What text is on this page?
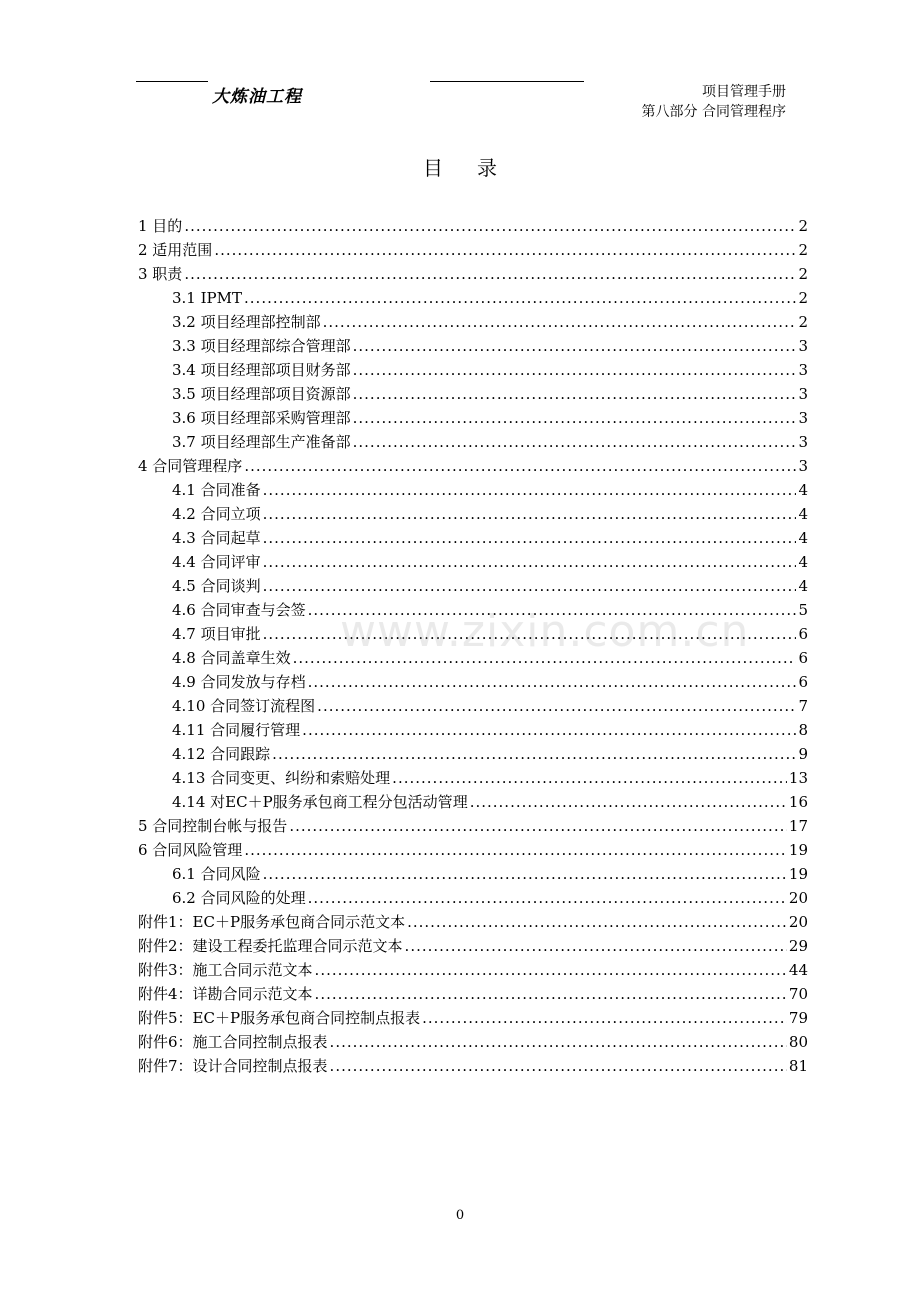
大炼油工程	项目管理手册
第八部分 合同管理程序
目录
1 目的 .....	2
2 适用范围 .....	2
3 职责 .....	2
3.1 IPMT .....	2
3.2 项目经理部控制部 .....	2
3.3 项目经理部综合管理部 .....	3
3.4 项目经理部项目财务部 .....	3
3.5 项目经理部项目资源部 .....	3
3.6 项目经理部采购管理部 .....	3
3.7 项目经理部生产准备部 .....	3
4 合同管理程序 .....	3
4.1 合同准备 .....	4
4.2 合同立项 .....	4
4.3 合同起草 .....	4
4.4 合同评审 .....	4
4.5 合同谈判 .....	4
4.6 合同审查与会签 .....	5
4.7 项目审批 .....	6
4.8 合同盖章生效 .....	6
4.9 合同发放与存档 .....	6
4.10 合同签订流程图 .....	7
4.11 合同履行管理 .....	8
4.12 合同跟踪 .....	9
4.13 合同变更、纠纷和索赔处理 .....	13
4.14 对EC＋P服务承包商工程分包活动管理 .....	16
5 合同控制台帐与报告 .....	17
6 合同风险管理 .....	19
6.1 合同风险 .....	19
6.2 合同风险的处理 .....	20
附件1：EC＋P服务承包商合同示范文本 .....	20
附件2：建设工程委托监理合同示范文本 .....	29
附件3：施工合同示范文本 .....	44
附件4：详勘合同示范文本 .....	70
附件5：EC＋P服务承包商合同控制点报表 .....	79
附件6：施工合同控制点报表 .....	80
附件7：设计合同控制点报表 .....	81
www.zixin.com.cn
0
